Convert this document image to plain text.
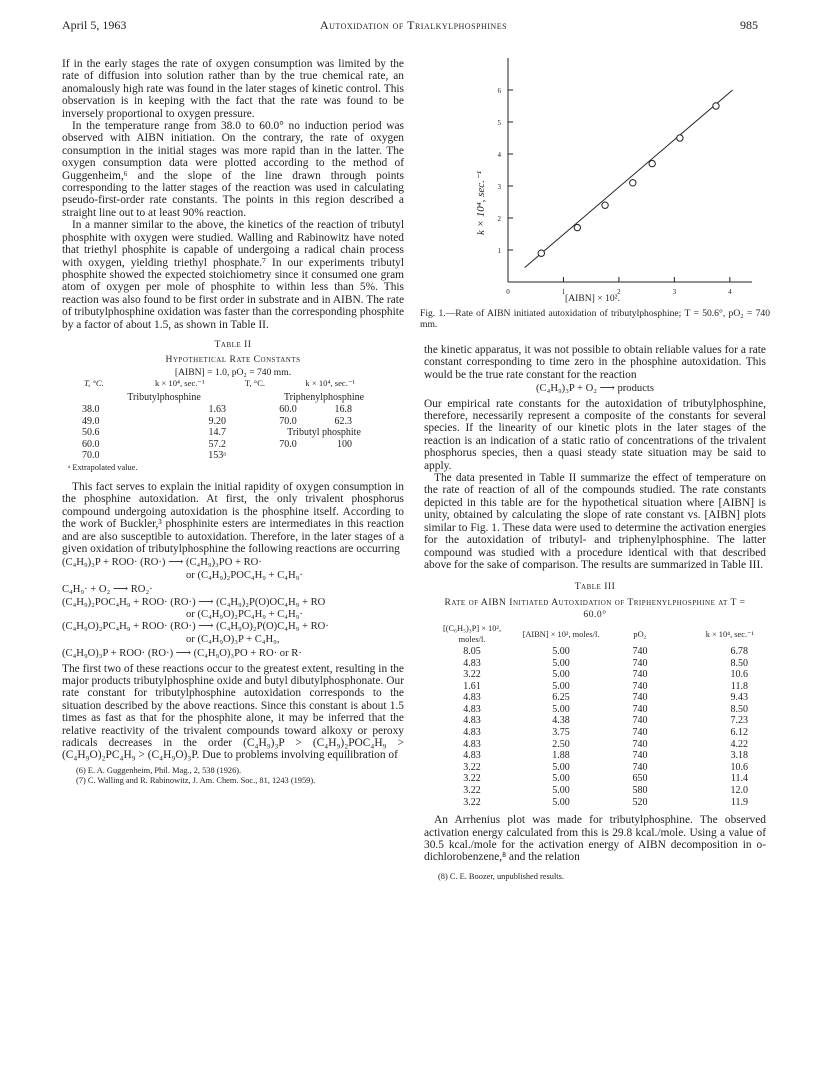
April 5, 1963	Autoxidation of Trialkylphosphines	985

If in the early stages the rate of oxygen consumption was limited by the rate of diffusion into solution rather than by the true chemical rate, an anomalously high rate was found in the later stages of kinetic control. This observation is in keeping with the fact that the rate was found to be inversely proportional to oxygen pressure.

In the temperature range from 38.0 to 60.0° no induction period was observed with AIBN initiation. On the contrary, the rate of oxygen consumption in the initial stages was more rapid than in the latter. The oxygen consumption data were plotted according to the method of Guggenheim,⁶ and the slope of the line drawn through points corresponding to the latter stages of the reaction was used in calculating pseudo-first-order rate constants. The points in this region described a straight line out to at least 90% reaction.

In a manner similar to the above, the kinetics of the reaction of tributyl phosphite with oxygen were studied. Walling and Rabinowitz have noted that triethyl phosphite is capable of undergoing a radical chain process with oxygen, yielding triethyl phosphate.⁷ In our experiments tributyl phosphite showed the expected stoichiometry since it consumed one gram atom of oxygen per mole of phosphite to within less than 5%. This reaction was also found to be first order in substrate and in AIBN. The rate of tributylphosphine oxidation was faster than the corresponding phosphite by a factor of about 1.5, as shown in Table II.

Table II
Hypothetical Rate Constants
[AIBN] = 1.0, pO₂ = 740 mm.
T, °C.	k × 10⁴, sec.⁻¹	T, °C.	k × 10⁴, sec.⁻¹
Tributylphosphine		Triphenylphosphine	
38.0	1.63	60.0	16.8
49.0	9.20	70.0	62.3
50.6	14.7	Tributyl phosphite	
60.0	57.2	70.0	100
70.0	153ᵃ		
ᵃ Extrapolated value.

This fact serves to explain the initial rapidity of oxygen consumption in the phosphine autoxidation. At first, the only trivalent phosphorus compound undergoing autoxidation is the phosphine itself. According to the work of Buckler,³ phosphinite esters are intermediates in this reaction and are also susceptible to autoxidation. Therefore, in the later stages of a given oxidation of tributylphosphine the following reactions are occurring

(C₄H₉)₃P + ROO· (RO·) ⟶ (C₄H₉)₃PO + RO·
or (C₄H₉)₂POC₄H₉ + C₄H₉·
C₄H₉· + O₂ ⟶ RO₂·
(C₄H₉)₂POC₄H₉ + ROO· (RO·) ⟶ (C₄H₉)₂P(O)OC₄H₉ + RO
or (C₄H₉O)₂PC₄H₉ + C₄H₉·
(C₄H₉O)₂PC₄H₉ + ROO· (RO·) ⟶ (C₄H₉O)₂P(O)C₄H₉ + RO·
or (C₄H₉O)₃P + C₄H₉,
(C₄H₉O)₃P + ROO· (RO·) ⟶ (C₄H₉O)₃PO + RO· or R·

The first two of these reactions occur to the greatest extent, resulting in the major products tributylphosphine oxide and butyl dibutylphosphonate. Our rate constant for tributylphosphine autoxidation corresponds to the situation described by the above reactions. Since this constant is about 1.5 times as fast as that for the phosphite alone, it may be inferred that the relative reactivity of the trivalent compounds toward alkoxy or peroxy radicals decreases in the order (C₄H₉)₃P > (C₄H₉)₂POC₄H₉ > (C₄H₉O)₂PC₄H₉ > (C₄H₉O)₃P. Due to problems involving equilibration of

(6) E. A. Guggenheim, Phil. Mag., 2, 538 (1926).
(7) C. Walling and R. Rabinowitz, J. Am. Chem. Soc., 81, 1243 (1959).
k × 10⁴, sec.⁻¹
1
2
3
4
5
6
0	1	2	3	4
[AIBN] × 10².
Fig. 1.—Rate of AIBN initiated autoxidation of tributylphosphine; T = 50.6°, pO₂ = 740 mm.

the kinetic apparatus, it was not possible to obtain reliable values for a rate constant corresponding to time zero in the phosphine autoxidation. This would be the true rate constant for the reaction

(C₄H₉)₃P + O₂ ⟶ products

Our empirical rate constants for the autoxidation of tributylphosphine, therefore, necessarily represent a composite of the constants for several species. If the linearity of our kinetic plots in the later stages of the reaction is an indication of a static ratio of concentrations of the trivalent phosphorus species, then a quasi steady state situation may be said to apply.

The data presented in Table II summarize the effect of temperature on the rate of reaction of all of the compounds studied. The rate constants depicted in this table are for the hypothetical situation where [AIBN] is unity, obtained by calculating the slope of rate constant vs. [AIBN] plots similar to Fig. 1. These data were used to determine the activation energies for the autoxidation of tributyl- and triphenylphosphine. The latter compound was studied with a procedure identical with that described above for the sake of comparison. The results are summarized in Table III.

Table III
Rate of AIBN Initiated Autoxidation of Triphenylphosphine at T = 60.0°
[(C₆H₅)₃P] × 10², moles/l.	[AIBN] × 10², moles/l.	pO₂	k × 10⁴, sec.⁻¹
8.05	5.00	740	6.78
4.83	5.00	740	8.50
3.22	5.00	740	10.6
1.61	5.00	740	11.8
4.83	6.25	740	9.43
4.83	5.00	740	8.50
4.83	4.38	740	7.23
4.83	3.75	740	6.12
4.83	2.50	740	4.22
4.83	1.88	740	3.18
3.22	5.00	740	10.6
3.22	5.00	650	11.4
3.22	5.00	580	12.0
3.22	5.00	520	11.9

An Arrhenius plot was made for tributylphosphine. The observed activation energy calculated from this is 29.8 kcal./mole. Using a value of 30.5 kcal./mole for the activation energy of AIBN decomposition in o-dichlorobenzene,⁸ and the relation

(8) C. E. Boozer, unpublished results.
